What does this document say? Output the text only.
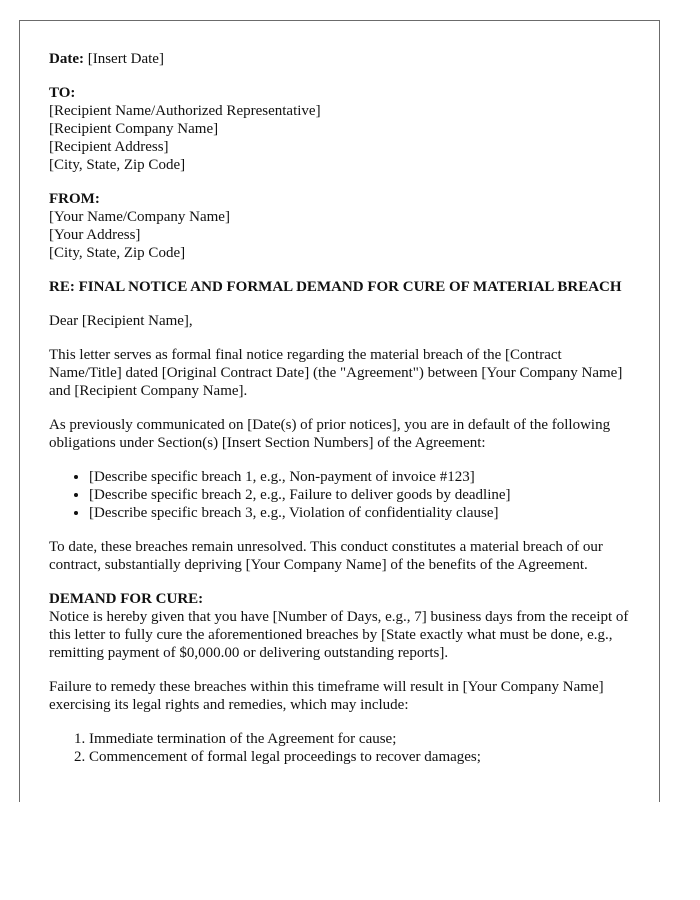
Date: [Insert Date]

TO:
[Recipient Name/Authorized Representative]
[Recipient Company Name]
[Recipient Address]
[City, State, Zip Code]
FROM:
[Your Name/Company Name]
[Your Address]
[City, State, Zip Code]

RE: FINAL NOTICE AND FORMAL DEMAND FOR CURE OF MATERIAL BREACH

Dear [Recipient Name],

This letter serves as formal final notice regarding the material breach of the [Contract Name/Title] dated [Original Contract Date] (the "Agreement") between [Your Company Name] and [Recipient Company Name].

As previously communicated on [Date(s) of prior notices], you are in default of the following obligations under Section(s) [Insert Section Numbers] of the Agreement:

• [Describe specific breach 1, e.g., Non-payment of invoice #123]
• [Describe specific breach 2, e.g., Failure to deliver goods by deadline]
• [Describe specific breach 3, e.g., Violation of confidentiality clause]

To date, these breaches remain unresolved. This conduct constitutes a material breach of our contract, substantially depriving [Your Company Name] of the benefits of the Agreement.

DEMAND FOR CURE:
Notice is hereby given that you have [Number of Days, e.g., 7] business days from the receipt of this letter to fully cure the aforementioned breaches by [State exactly what must be done, e.g., remitting payment of $0,000.00 or delivering outstanding reports].

Failure to remedy these breaches within this timeframe will result in [Your Company Name] exercising its legal rights and remedies, which may include:

1. Immediate termination of the Agreement for cause;
2. Commencement of formal legal proceedings to recover damages;
